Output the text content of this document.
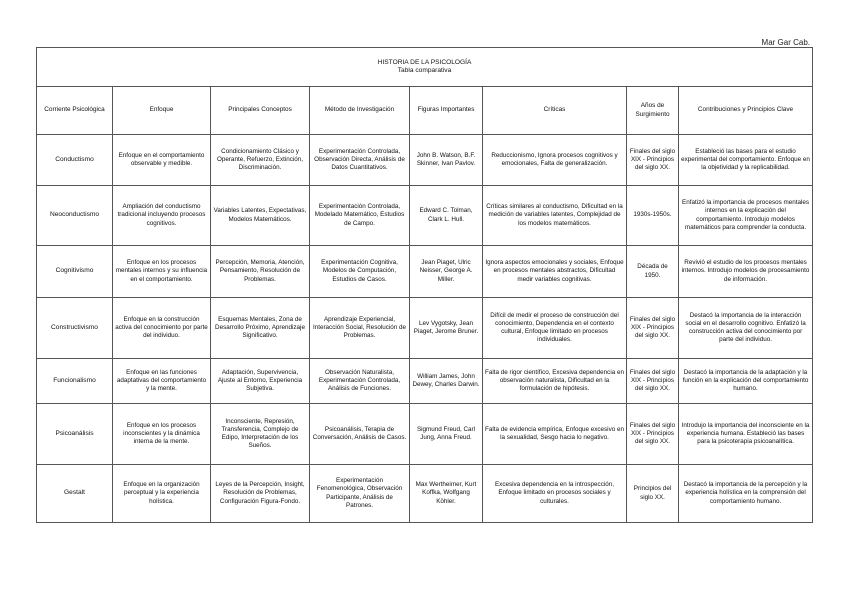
Mar Gar Cab.
HISTORIA DE LA PSICOLOGÍA
Tabla comparativa							

Corriente Psicológica	Enfoque	Principales Conceptos	Método de Investigación	Figuras Importantes	Críticas	Años de Surgimiento	Contribuciones y Principios Clave
Conductismo	Enfoque en el comportamiento observable y medible.	Condicionamiento Clásico y Operante, Refuerzo, Extinción, Discriminación.	Experimentación Controlada, Observación Directa, Análisis de Datos Cuantitativos.	John B. Watson, B.F. Skinner, Ivan Pavlov.	Reduccionismo, Ignora procesos cognitivos y emocionales, Falta de generalización.	Finales del siglo XIX - Principios del siglo XX.	Estableció las bases para el estudio experimental del comportamiento. Enfoque en la objetividad y la replicabilidad.
Neoconductismo	Ampliación del conductismo tradicional incluyendo procesos cognitivos.	Variables Latentes, Expectativas, Modelos Matemáticos.	Experimentación Controlada, Modelado Matemático, Estudios de Campo.	Edward C. Tolman, Clark L. Hull.	Críticas similares al conductismo, Dificultad en la medición de variables latentes, Complejidad de los modelos matemáticos.	1930s-1950s.	Enfatizó la importancia de procesos mentales internos en la explicación del comportamiento. Introdujo modelos matemáticos para comprender la conducta.
Cognitivismo	Enfoque en los procesos mentales internos y su influencia en el comportamiento.	Percepción, Memoria, Atención, Pensamiento, Resolución de Problemas.	Experimentación Cognitiva, Modelos de Computación, Estudios de Casos.	Jean Piaget, Ulric Neisser, George A. Miller.	Ignora aspectos emocionales y sociales, Enfoque en procesos mentales abstractos, Dificultad medir variables cognitivas.	Década de 1950.	Revivió el estudio de los procesos mentales internos. Introdujo modelos de procesamiento de información.
Constructivismo	Enfoque en la construcción activa del conocimiento por parte del individuo.	Esquemas Mentales, Zona de Desarrollo Próximo, Aprendizaje Significativo.	Aprendizaje Experiencial, Interacción Social, Resolución de Problemas.	Lev Vygotsky, Jean Piaget, Jerome Bruner.	Difícil de medir el proceso de construcción del conocimiento, Dependencia en el contexto cultural, Enfoque limitado en procesos individuales.	Finales del siglo XIX - Principios del siglo XX.	Destacó la importancia de la interacción social en el desarrollo cognitivo. Enfatizó la construcción activa del conocimiento por parte del individuo.
Funcionalismo	Enfoque en las funciones adaptativas del comportamiento y la mente.	Adaptación, Supervivencia, Ajuste al Entorno, Experiencia Subjetiva.	Observación Naturalista, Experimentación Controlada, Análisis de Funciones.	William James, John Dewey, Charles Darwin.	Falta de rigor científico, Excesiva dependencia en observación naturalista, Dificultad en la formulación de hipótesis.	Finales del siglo XIX - Principios del siglo XX.	Destacó la importancia de la adaptación y la función en la explicación del comportamiento humano.
Psicoanálisis	Enfoque en los procesos inconscientes y la dinámica interna de la mente.	Inconsciente, Represión, Transferencia, Complejo de Edipo, Interpretación de los Sueños.	Psicoanálisis, Terapia de Conversación, Análisis de Casos.	Sigmund Freud, Carl Jung, Anna Freud.	Falta de evidencia empírica, Enfoque excesivo en la sexualidad, Sesgo hacia lo negativo.	Finales del siglo XIX - Principios del siglo XX.	Introdujo la importancia del inconsciente en la experiencia humana. Estableció las bases para la psicoterapia psicoanalítica.
Gestalt	Enfoque en la organización perceptual y la experiencia holística.	Leyes de la Percepción, Insight, Resolución de Problemas, Configuración Figura-Fondo.	Experimentación Fenomenológica, Observación Participante, Análisis de Patrones.	Max Wertheimer, Kurt Koffka, Wolfgang Köhler.	Excesiva dependencia en la introspección, Enfoque limitado en procesos sociales y culturales.	Principios del siglo XX.	Destacó la importancia de la percepción y la experiencia holística en la comprensión del comportamiento humano.
